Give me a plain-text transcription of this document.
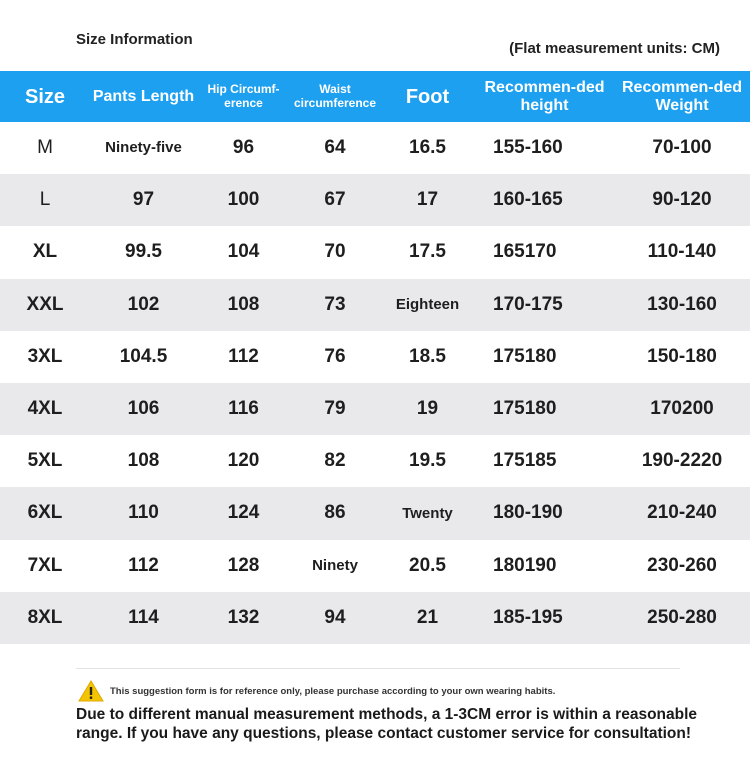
Size Information
(Flat measurement units: CM)
Size	Pants Length	Hip Circumf-erence	Waist circumference	Foot	Recommen-ded height	Recommen-ded Weight
M	Ninety-five	96	64	16.5	155-160	70-100
L	97	100	67	17	160-165	90-120
XL	99.5	104	70	17.5	165170	110-140
XXL	102	108	73	Eighteen	170-175	130-160
3XL	104.5	112	76	18.5	175180	150-180
4XL	106	116	79	19	175180	170200
5XL	108	120	82	19.5	175185	190-2220
6XL	110	124	86	Twenty	180-190	210-240
7XL	112	128	Ninety	20.5	180190	230-260
8XL	114	132	94	21	185-195	250-280
This suggestion form is for reference only, please purchase according to your own wearing habits.
Due to different manual measurement methods, a 1-3CM error is within a reasonable range. If you have any questions, please contact customer service for consultation!
